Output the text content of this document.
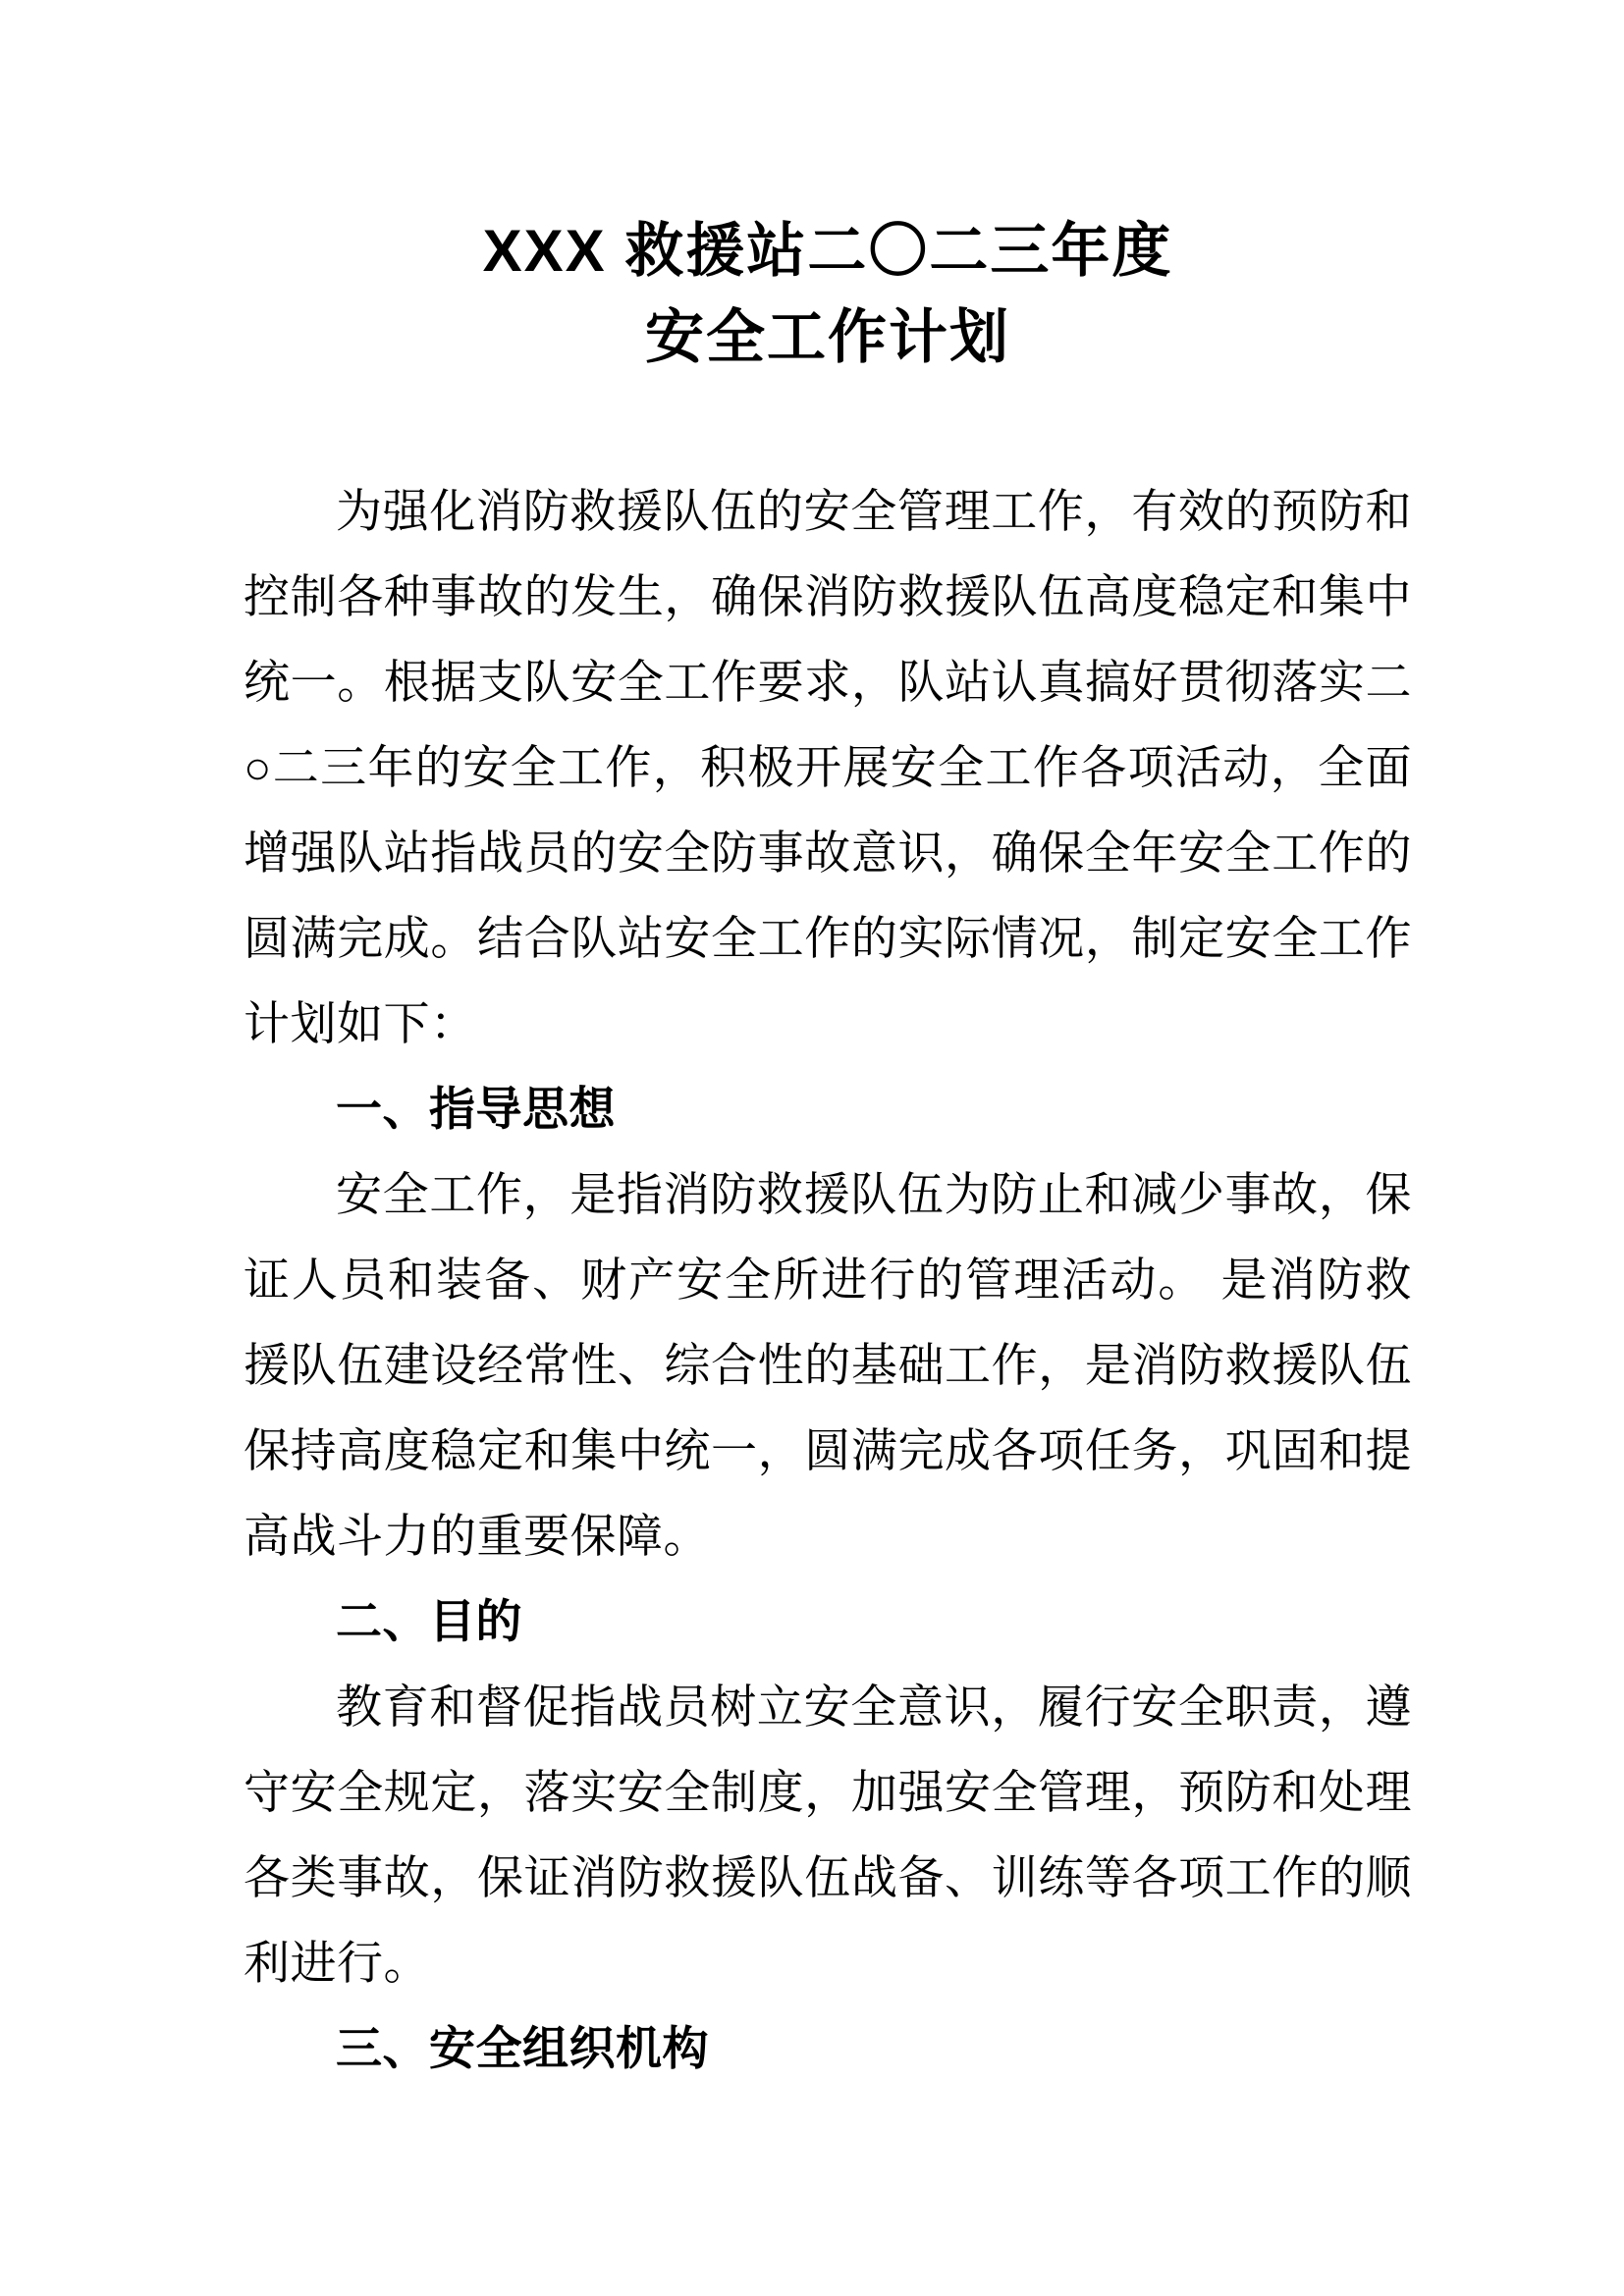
XXX 救援站二〇二三年度
安全工作计划

为强化消防救援队伍的安全管理工作，有效的预防和控制各种事故的发生，确保消防救援队伍高度稳定和集中统一。根据支队安全工作要求，队站认真搞好贯彻落实二○二三年的安全工作，积极开展安全工作各项活动，全面增强队站指战员的安全防事故意识，确保全年安全工作的圆满完成。结合队站安全工作的实际情况，制定安全工作计划如下：

一、指导思想

安全工作，是指消防救援队伍为防止和减少事故，保证人员和装备、财产安全所进行的管理活动。 是消防救援队伍建设经常性、综合性的基础工作，是消防救援队伍保持高度稳定和集中统一，圆满完成各项任务，巩固和提高战斗力的重要保障。

二、目的

教育和督促指战员树立安全意识，履行安全职责，遵守安全规定，落实安全制度，加强安全管理，预防和处理各类事故，保证消防救援队伍战备、训练等各项工作的顺利进行。

三、安全组织机构
